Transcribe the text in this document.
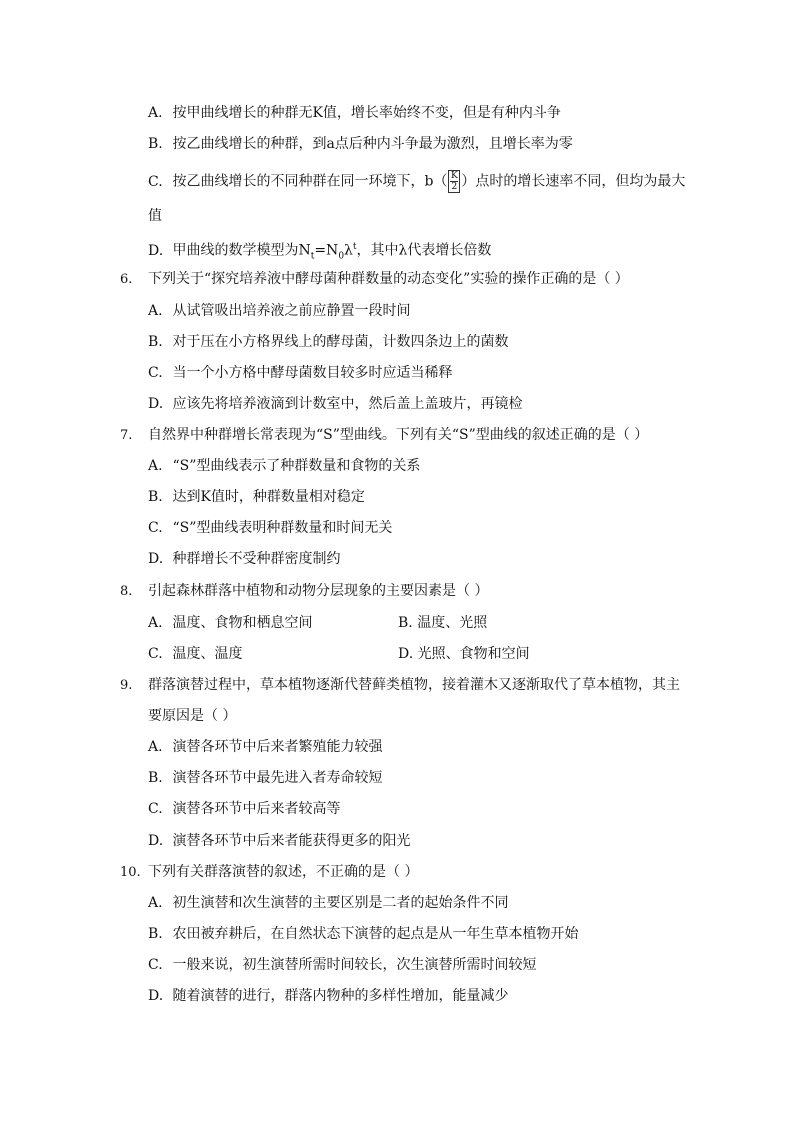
A. 按甲曲线增长的种群无K值，增长率始终不变，但是有种内斗争
B. 按乙曲线增长的种群，到a点后种内斗争最为激烈，且增长率为零
C. 按乙曲线增长的不同种群在同一环境下，$b( \frac{K}{2}$ ）点时的增长速率不同，但均为最大
值
D. 甲曲线的数学模型为$N_t=N_0\lambda^t$，其中λ代表增长倍数
6. 下列关于“探究培养液中酵母菌种群数量的动态变化”实验的操作正确的是（ ）
A. 从试管吸出培养液之前应静置一段时间
B. 对于压在小方格界线上的酵母菌，计数四条边上的菌数
C. 当一个小方格中酵母菌数目较多时应适当稀释
D. 应该先将培养液滴到计数室中，然后盖上盖玻片，再镜检
7. 自然界中种群增长常表现为“S”型曲线。下列有关“S”型曲线的叙述正确的是（ ）
A. “S”型曲线表示了种群数量和食物的关系
B. 达到K值时，种群数量相对稳定
C. “S”型曲线表明种群数量和时间无关
D. 种群增长不受种群密度制约
8. 引起森林群落中植物和动物分层现象的主要因素是（ ）
A. 温度、食物和栖息空间	B. 温度、光照
C. 温度、温度	D. 光照、食物和空间
9. 群落演替过程中，草本植物逐渐代替藓类植物，接着灌木又逐渐取代了草本植物，其主
要原因是（ ）
A. 演替各环节中后来者繁殖能力较强
B. 演替各环节中最先进入者寿命较短
C. 演替各环节中后来者较高等
D. 演替各环节中后来者能获得更多的阳光
10. 下列有关群落演替的叙述，不正确的是（ ）
A. 初生演替和次生演替的主要区别是二者的起始条件不同
B. 农田被弃耕后，在自然状态下演替的起点是从一年生草本植物开始
C. 一般来说，初生演替所需时间较长，次生演替所需时间较短
D. 随着演替的进行，群落内物种的多样性增加，能量减少
